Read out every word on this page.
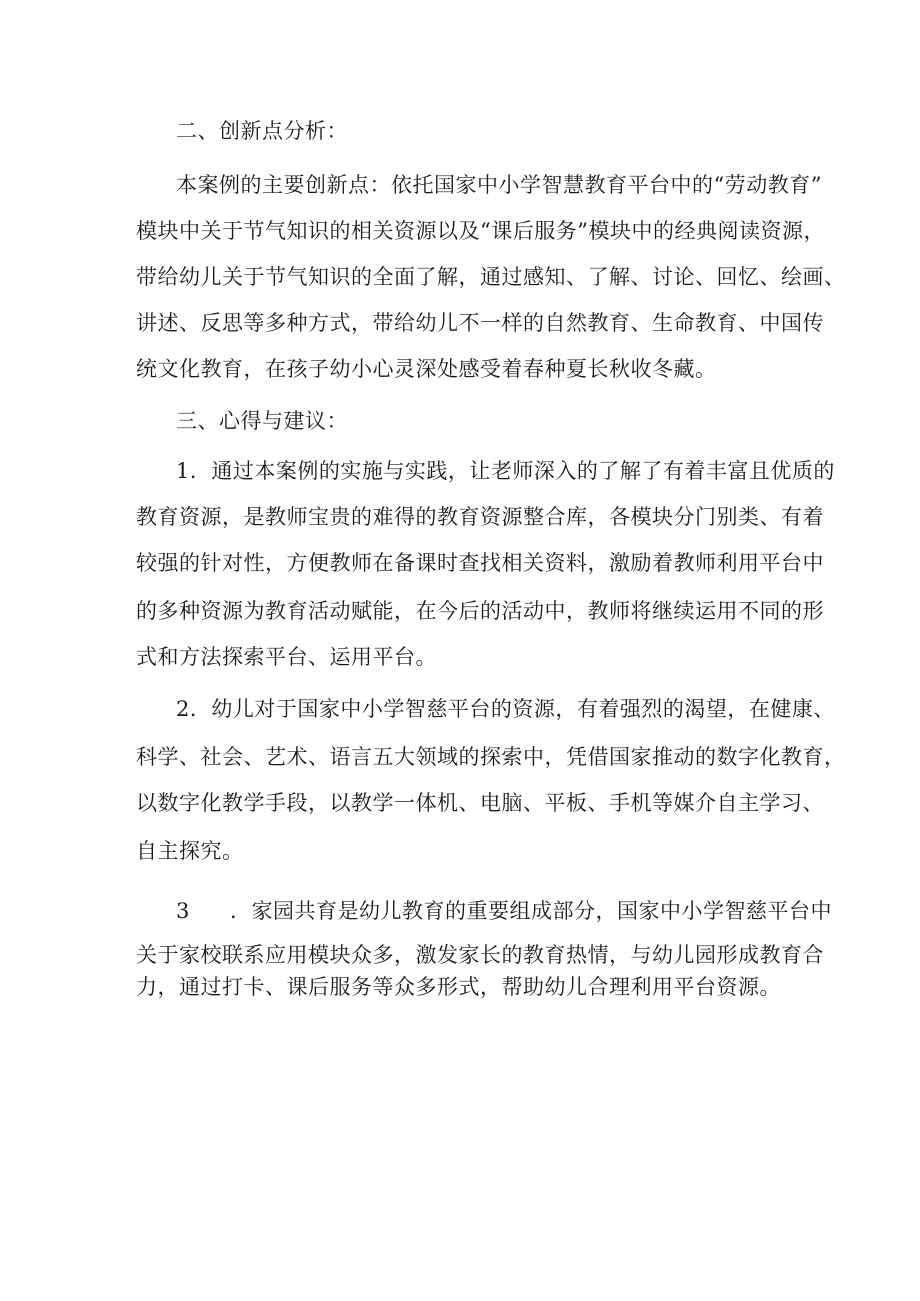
二、创新点分析：
本案例的主要创新点：依托国家中小学智慧教育平台中的“劳动教育”
模块中关于节气知识的相关资源以及“课后服务”模块中的经典阅读资源，
带给幼儿关于节气知识的全面了解，通过感知、了解、讨论、回忆、绘画、
讲述、反思等多种方式，带给幼儿不一样的自然教育、生命教育、中国传
统文化教育，在孩子幼小心灵深处感受着春种夏长秋收冬藏。
三、心得与建议：
1．通过本案例的实施与实践，让老师深入的了解了有着丰富且优质的
教育资源，是教师宝贵的难得的教育资源整合库，各模块分门别类、有着
较强的针对性，方便教师在备课时查找相关资料，激励着教师利用平台中
的多种资源为教育活动赋能，在今后的活动中，教师将继续运用不同的形
式和方法探索平台、运用平台。
2．幼儿对于国家中小学智慈平台的资源，有着强烈的渴望，在健康、
科学、社会、艺术、语言五大领域的探索中，凭借国家推动的数字化教育，
以数字化教学手段，以教学一体机、电脑、平板、手机等媒介自主学习、
自主探究。
3 ．家园共育是幼儿教育的重要组成部分，国家中小学智慈平台中
关于家校联系应用模块众多，激发家长的教育热情，与幼儿园形成教育合
力，通过打卡、课后服务等众多形式，帮助幼儿合理利用平台资源。
